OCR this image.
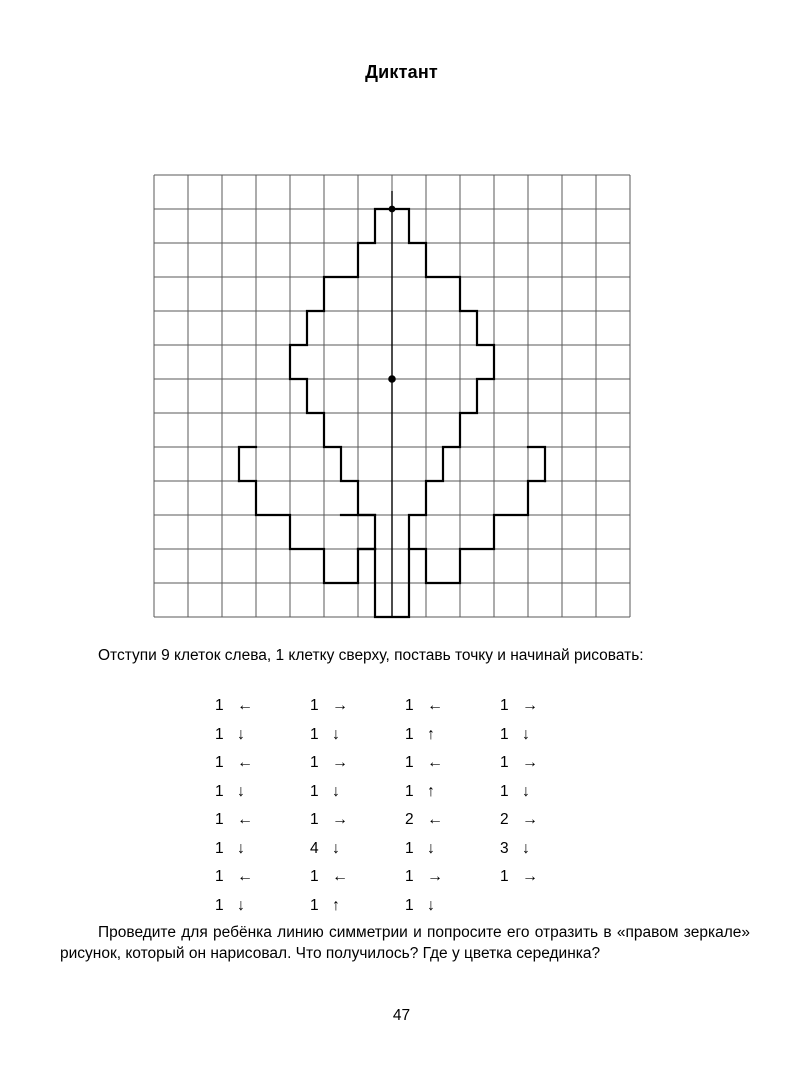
Диктант
Отступи 9 клеток слева, 1 клетку сверху, поставь точку и начинай рисовать:
1 ←	1 →	1 ←	1 →
1 ↓	1 ↓	1 ↑	1 ↓
1 ←	1 →	1 ←	1 →
1 ↓	1 ↓	1 ↑	1 ↓
1 ←	1 →	2 ←	2 →
1 ↓	4 ↓	1 ↓	3 ↓
1 ←	1 ←	1 →	1 →
1 ↓	1 ↑	1 ↓
Проведите для ребёнка линию симметрии и попросите его отразить в «правом зеркале» рисунок, который он нарисовал. Что получилось? Где у цветка серединка?
47
